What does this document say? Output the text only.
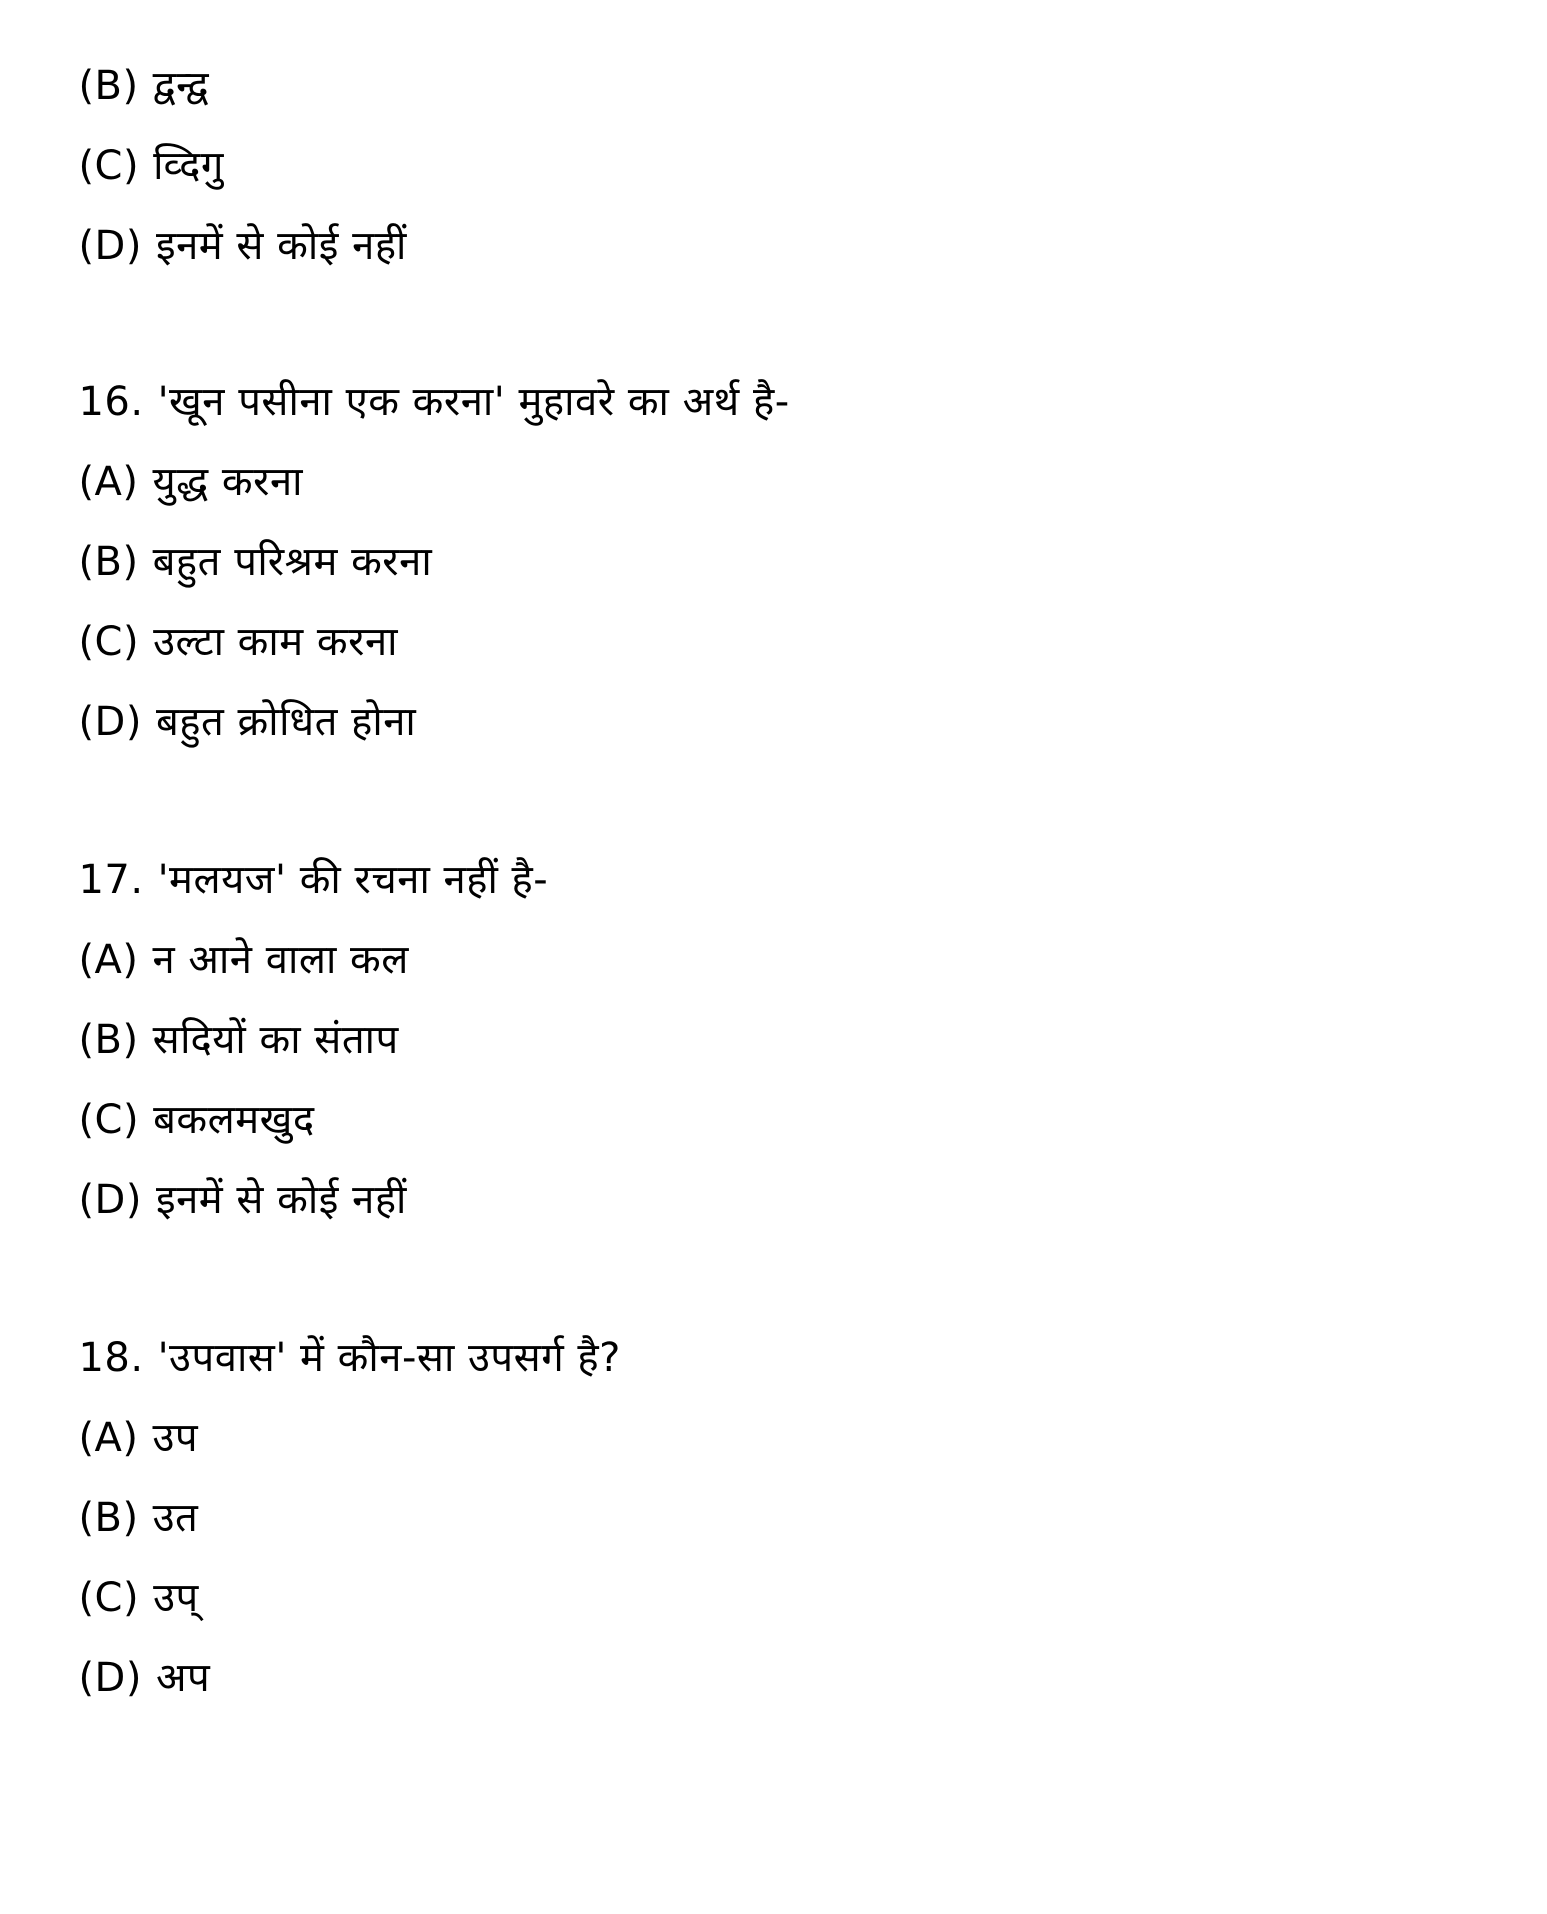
(B) द्वन्द्व

(C) व्दिगु

(D) इनमें से कोई नहीं

16. 'खून पसीना एक करना' मुहावरे का अर्थ है-

(A) युद्ध करना

(B) बहुत परिश्रम करना

(C) उल्टा काम करना

(D) बहुत क्रोधित होना

17. 'मलयज' की रचना नहीं है-

(A) न आने वाला कल

(B) सदियों का संताप

(C) बकलमखुद

(D) इनमें से कोई नहीं

18. 'उपवास' में कौन-सा उपसर्ग है?

(A) उप

(B) उत

(C) उप्

(D) अप
